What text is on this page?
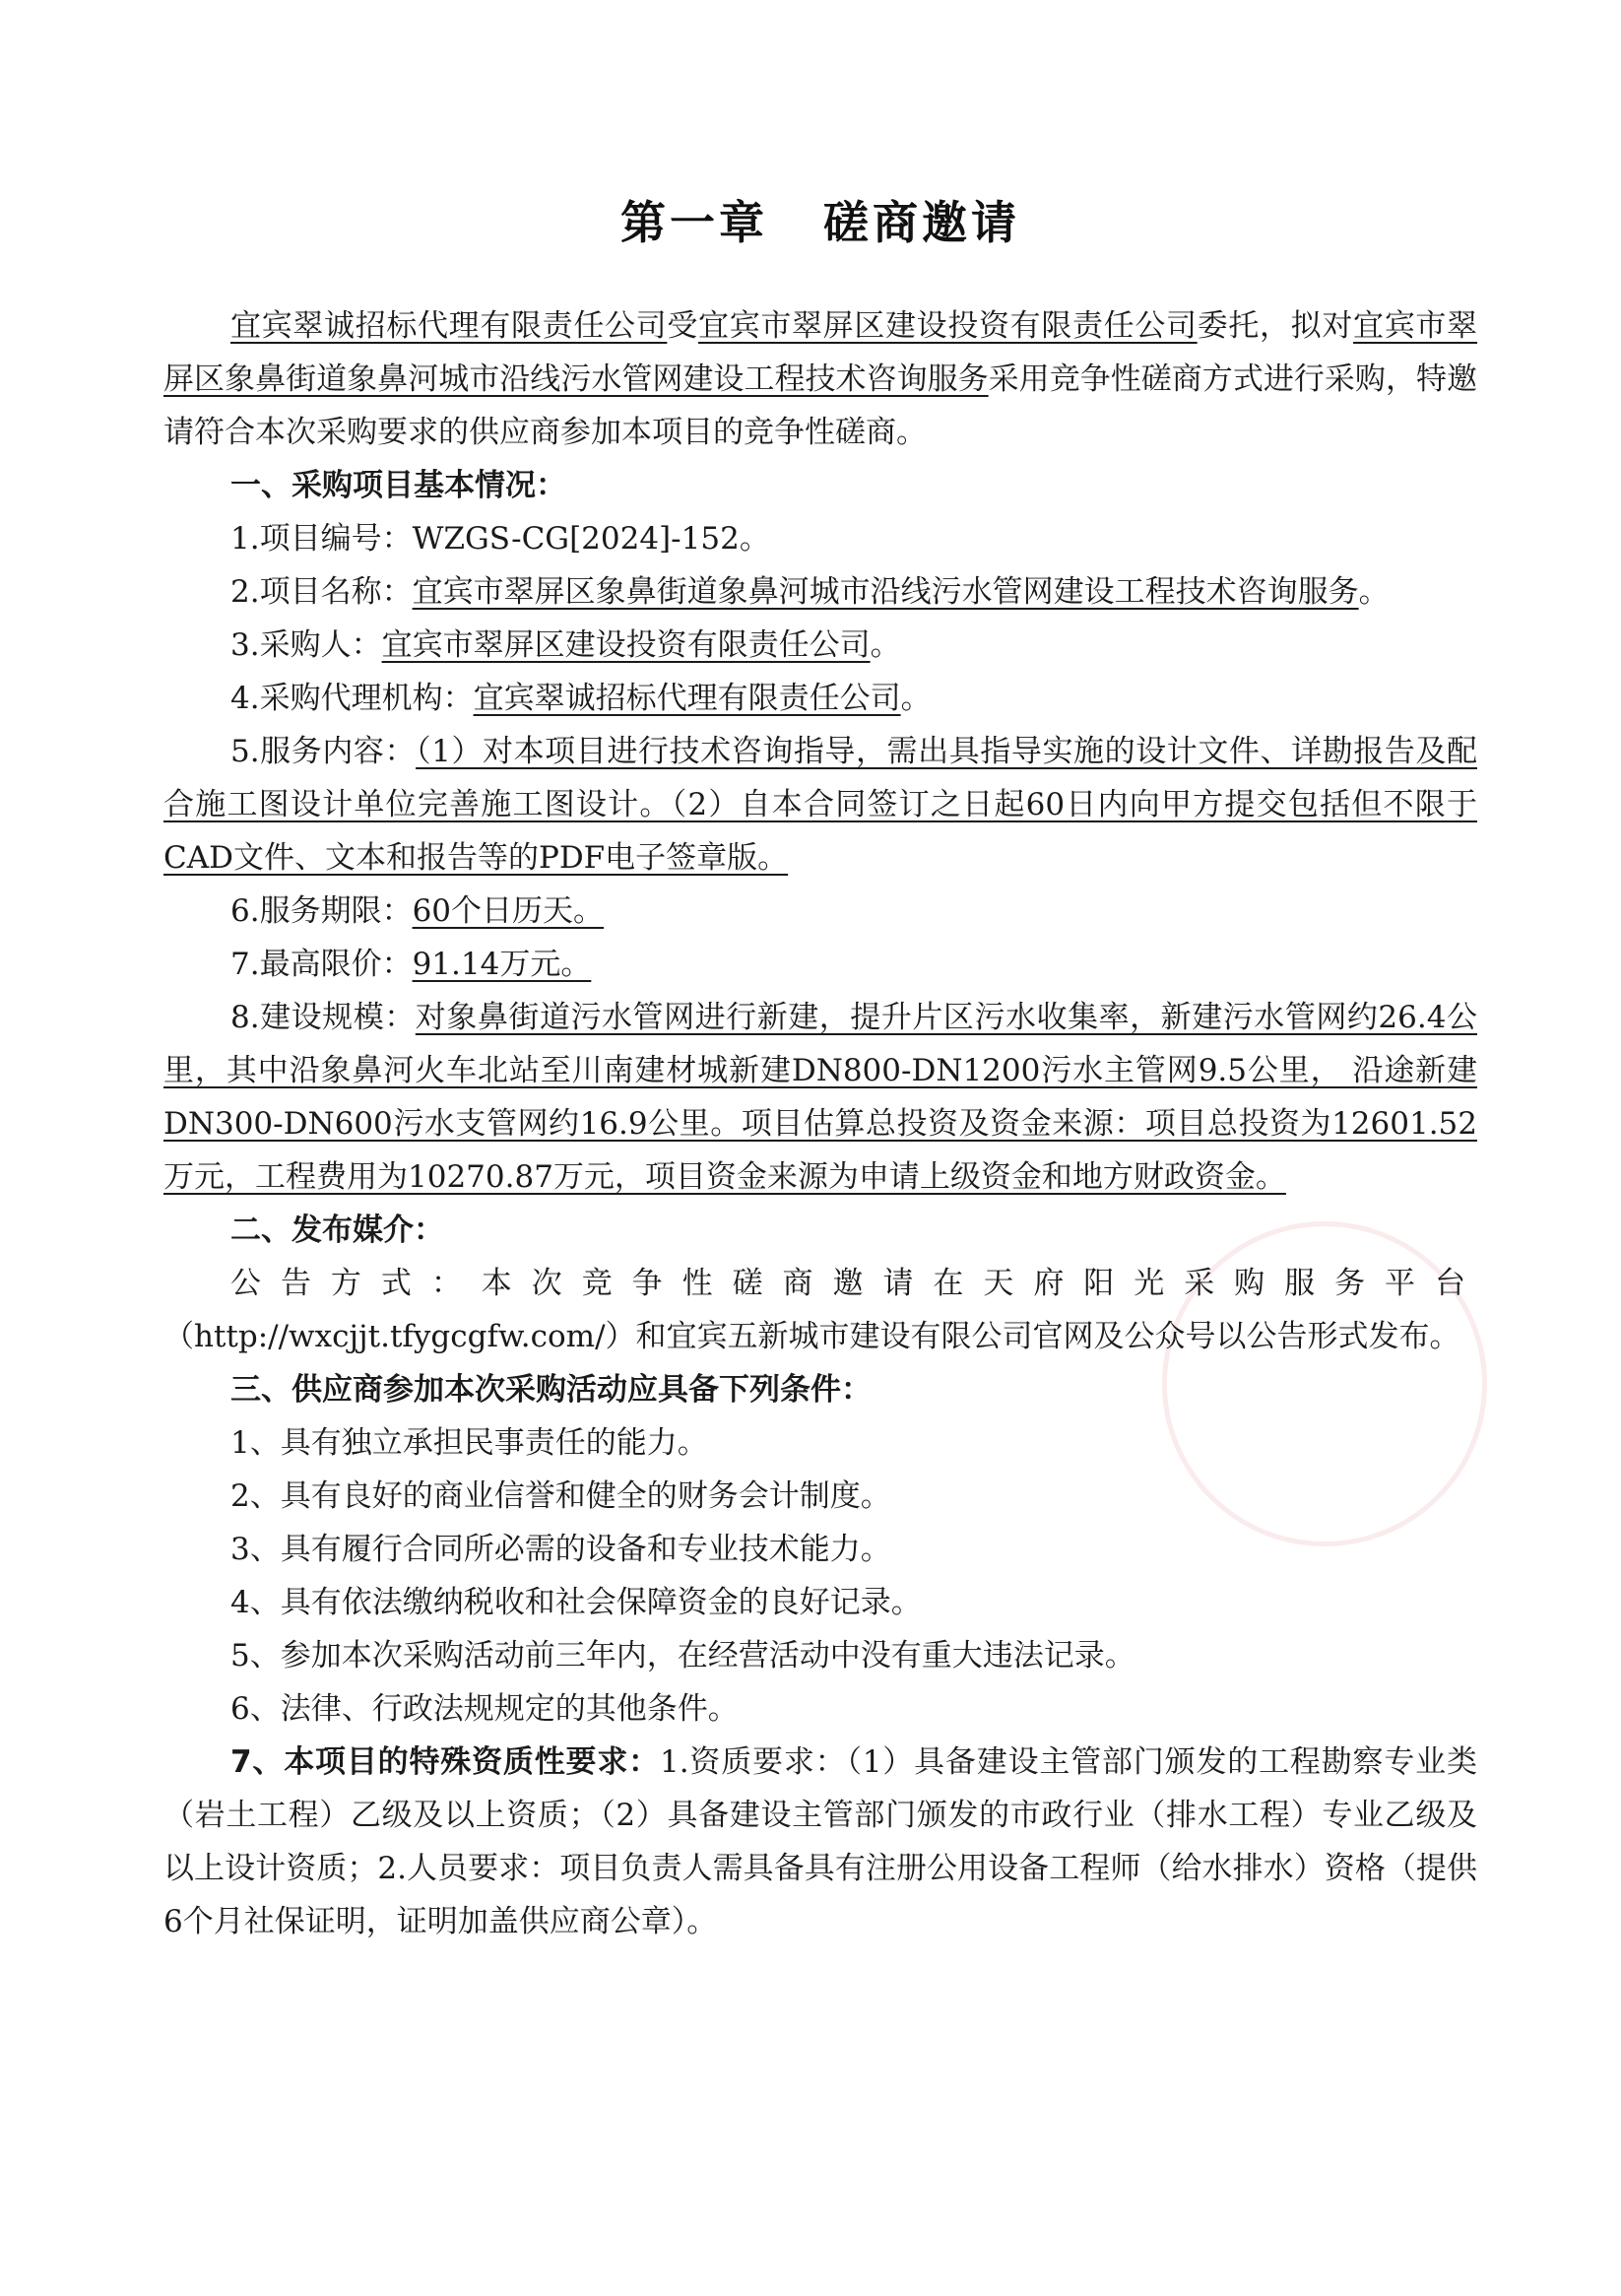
第一章 磋商邀请

宜宾翠诚招标代理有限责任公司受宜宾市翠屏区建设投资有限责任公司委托，拟对宜宾市翠屏区象鼻街道象鼻河城市沿线污水管网建设工程技术咨询服务采用竞争性磋商方式进行采购，特邀请符合本次采购要求的供应商参加本项目的竞争性磋商。

一、采购项目基本情况：

1.项目编号：WZGS-CG[2024]-152。

2.项目名称：宜宾市翠屏区象鼻街道象鼻河城市沿线污水管网建设工程技术咨询服务。

3.采购人：宜宾市翠屏区建设投资有限责任公司。

4.采购代理机构：宜宾翠诚招标代理有限责任公司。

5.服务内容：（1）对本项目进行技术咨询指导，需出具指导实施的设计文件、详勘报告及配合施工图设计单位完善施工图设计。（2）自本合同签订之日起60日内向甲方提交包括但不限于CAD文件、文本和报告等的PDF电子签章版。

6.服务期限：60个日历天。

7.最高限价：91.14万元。

8.建设规模：对象鼻街道污水管网进行新建，提升片区污水收集率，新建污水管网约26.4公里，其中沿象鼻河火车北站至川南建材城新建DN800-DN1200污水主管网9.5公里， 沿途新建DN300-DN600污水支管网约16.9公里。项目估算总投资及资金来源：项目总投资为12601.52万元，工程费用为10270.87万元，项目资金来源为申请上级资金和地方财政资金。

二、发布媒介：

公告方式：本次竞争性磋商邀请在天府阳光采购服务平台（http://wxcjjt.tfygcgfw.com/）和宜宾五新城市建设有限公司官网及公众号以公告形式发布。

三、供应商参加本次采购活动应具备下列条件：

1、具有独立承担民事责任的能力。

2、具有良好的商业信誉和健全的财务会计制度。

3、具有履行合同所必需的设备和专业技术能力。

4、具有依法缴纳税收和社会保障资金的良好记录。

5、参加本次采购活动前三年内，在经营活动中没有重大违法记录。

6、法律、行政法规规定的其他条件。

7、本项目的特殊资质性要求：1.资质要求：（1）具备建设主管部门颁发的工程勘察专业类（岩土工程）乙级及以上资质；（2）具备建设主管部门颁发的市政行业（排水工程）专业乙级及以上设计资质；2.人员要求：项目负责人需具备具有注册公用设备工程师（给水排水）资格（提供6个月社保证明，证明加盖供应商公章）。
